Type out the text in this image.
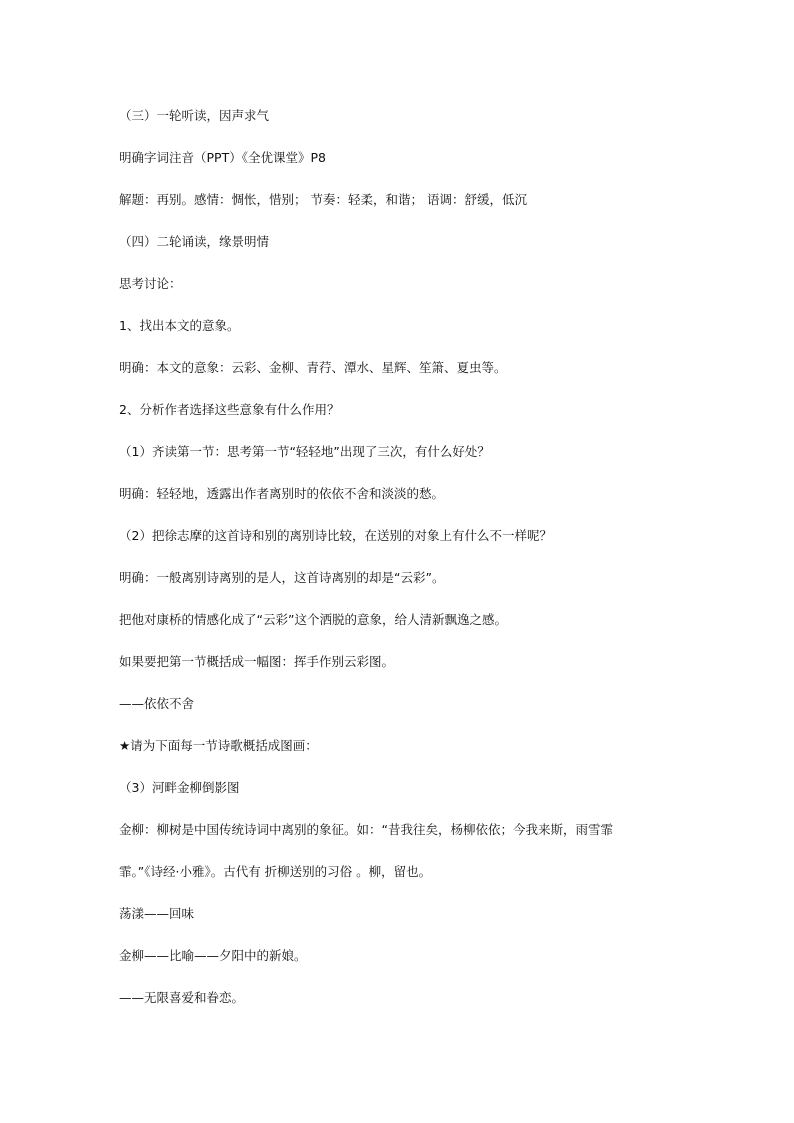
（三）一轮听读，因声求气

明确字词注音（PPT）《全优课堂》P8

解题：再别。感情：惆怅，惜别； 节奏：轻柔，和谐； 语调：舒缓，低沉

（四）二轮诵读，缘景明情

思考讨论：

1、找出本文的意象。

明确：本文的意象：云彩、金柳、青荇、潭水、星辉、笙箫、夏虫等。

2、分析作者选择这些意象有什么作用？

（1）齐读第一节：思考第一节“轻轻地”出现了三次，有什么好处？

明确：轻轻地，透露出作者离别时的依依不舍和淡淡的愁。

（2）把徐志摩的这首诗和别的离别诗比较，在送别的对象上有什么不一样呢？

明确：一般离别诗离别的是人，这首诗离别的却是“云彩”。

把他对康桥的情感化成了“云彩”这个洒脱的意象，给人清新飘逸之感。

如果要把第一节概括成一幅图：挥手作别云彩图。

——依依不舍

★请为下面每一节诗歌概括成图画：

（3）河畔金柳倒影图

金柳：柳树是中国传统诗词中离别的象征。如：“昔我往矣，杨柳依依；今我来斯，雨雪霏

霏。”《诗经·小雅》。古代有 折柳送别的习俗 。柳，留也。

荡漾——回味

金柳——比喻——夕阳中的新娘。

——无限喜爱和眷恋。
